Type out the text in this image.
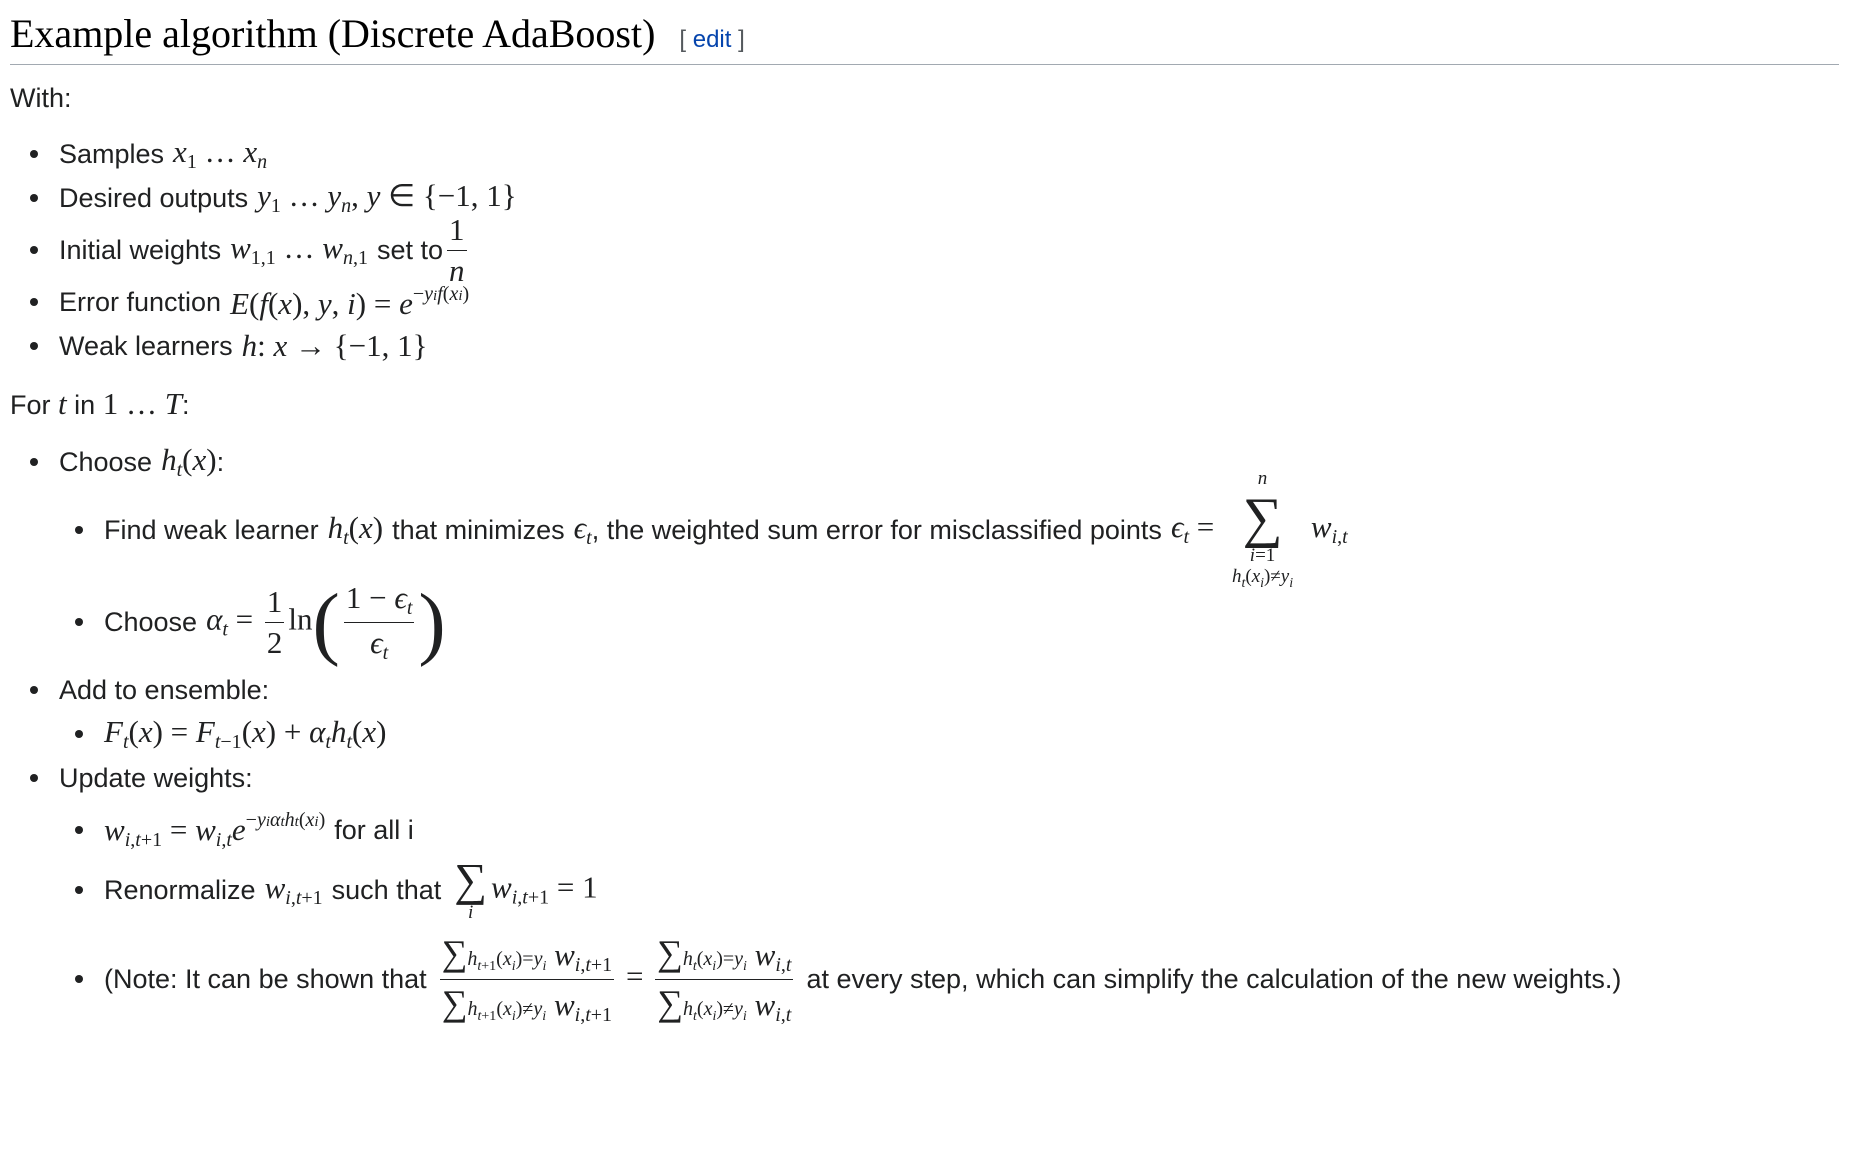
Example algorithm (Discrete AdaBoost) [ edit ]

With:

Samples $x_1$ … $x_n$
Desired outputs $y_1$ … $y_n$, y ∈ {−1, 1}
Initial weights $w_{1,1}$ … $w_{n,1}$ set to $\frac{1}{n}$
Error function E(f(x), y, $i) = e^{-yif(xi)}$
Weak learners h: x → {−1, 1}

For t in 1 … T:

Choose $h_t(x)$ :
Find weak learner $h_t(x)$ that minimizes $\epsilon_t$ , the weighted sum error for misclassified points $\epsilon_t$ =
n
∑
i=1
$h_t(x_i)\ne y_i$
$w_{i,t}$
Choose $\alpha_t = \frac{1}{2} \ln( \frac{1 - \epsilon_t}{\epsilon_t}$ )
Add to ensemble:
$F_t(x) = F_{t-1}(x) + \alpha_th_t(x)$
Update weights:
$w_{i,t+1} = w_{i,t}e^{-yi\alpha tht(xi)}$ for all i
Renormalize $w_{i,t+1}$ such that ∑
i
$w_{i,t+1} = 1$
(Note: It can be shown that $\frac{\sum h_{t+1}(x_i)=y_i w_{i,t+1}}{\sum h_{t+1}(x_i)\ne y_i w_{i,t+1}} = \frac{\sum h_t(x_i)=y_i w_{i,t}}{\sum h_t(x_i)\ne y_i w_{i,t}}$ at every step, which can simplify the calculation of the new weights.)
